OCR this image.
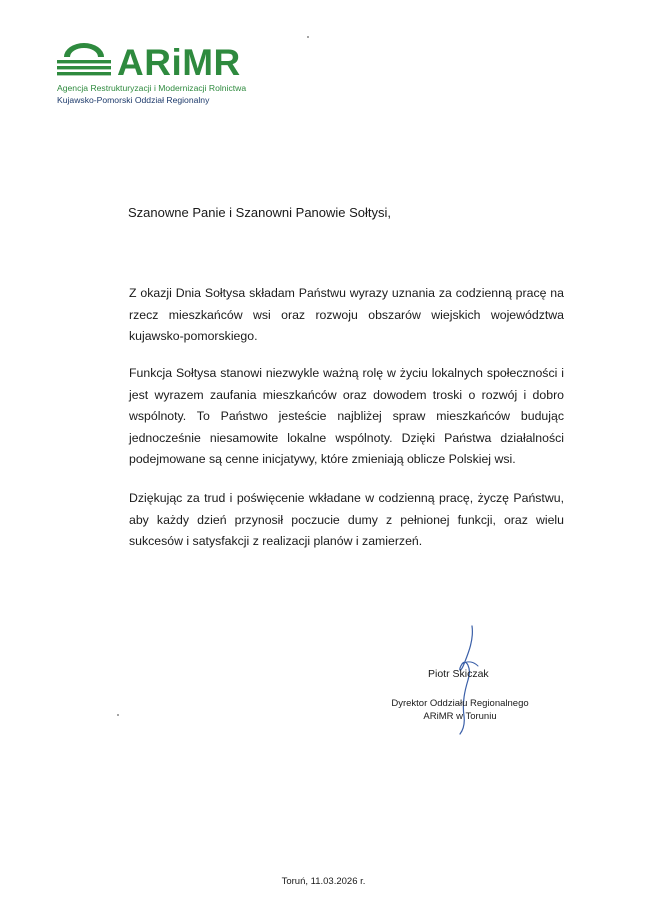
ARiMR
Agencja Restrukturyzacji i Modernizacji Rolnictwa
Kujawsko-Pomorski Oddział Regionalny
Szanowne Panie i Szanowni Panowie Sołtysi,

Z okazji Dnia Sołtysa składam Państwu wyrazy uznania za codzienną pracę na rzecz mieszkańców wsi oraz rozwoju obszarów wiejskich województwa kujawsko-pomorskiego.

Funkcja Sołtysa stanowi niezwykle ważną rolę w życiu lokalnych społeczności i jest wyrazem zaufania mieszkańców oraz dowodem troski o rozwój i dobro wspólnoty. To Państwo jesteście najbliżej spraw mieszkańców budując jednocześnie niesamowite lokalne wspólnoty. Dzięki Państwa działalności podejmowane są cenne inicjatywy, które zmieniają oblicze Polskiej wsi.

Dziękując za trud i poświęcenie wkładane w codzienną pracę, życzę Państwu, aby każdy dzień przynosił poczucie dumy z pełnionej funkcji, oraz wielu sukcesów i satysfakcji z realizacji planów i zamierzeń.

Piotr Skiczak
Dyrektor Oddziału Regionalnego
ARiMR w Toruniu
Toruń, 11.03.2026 r.
